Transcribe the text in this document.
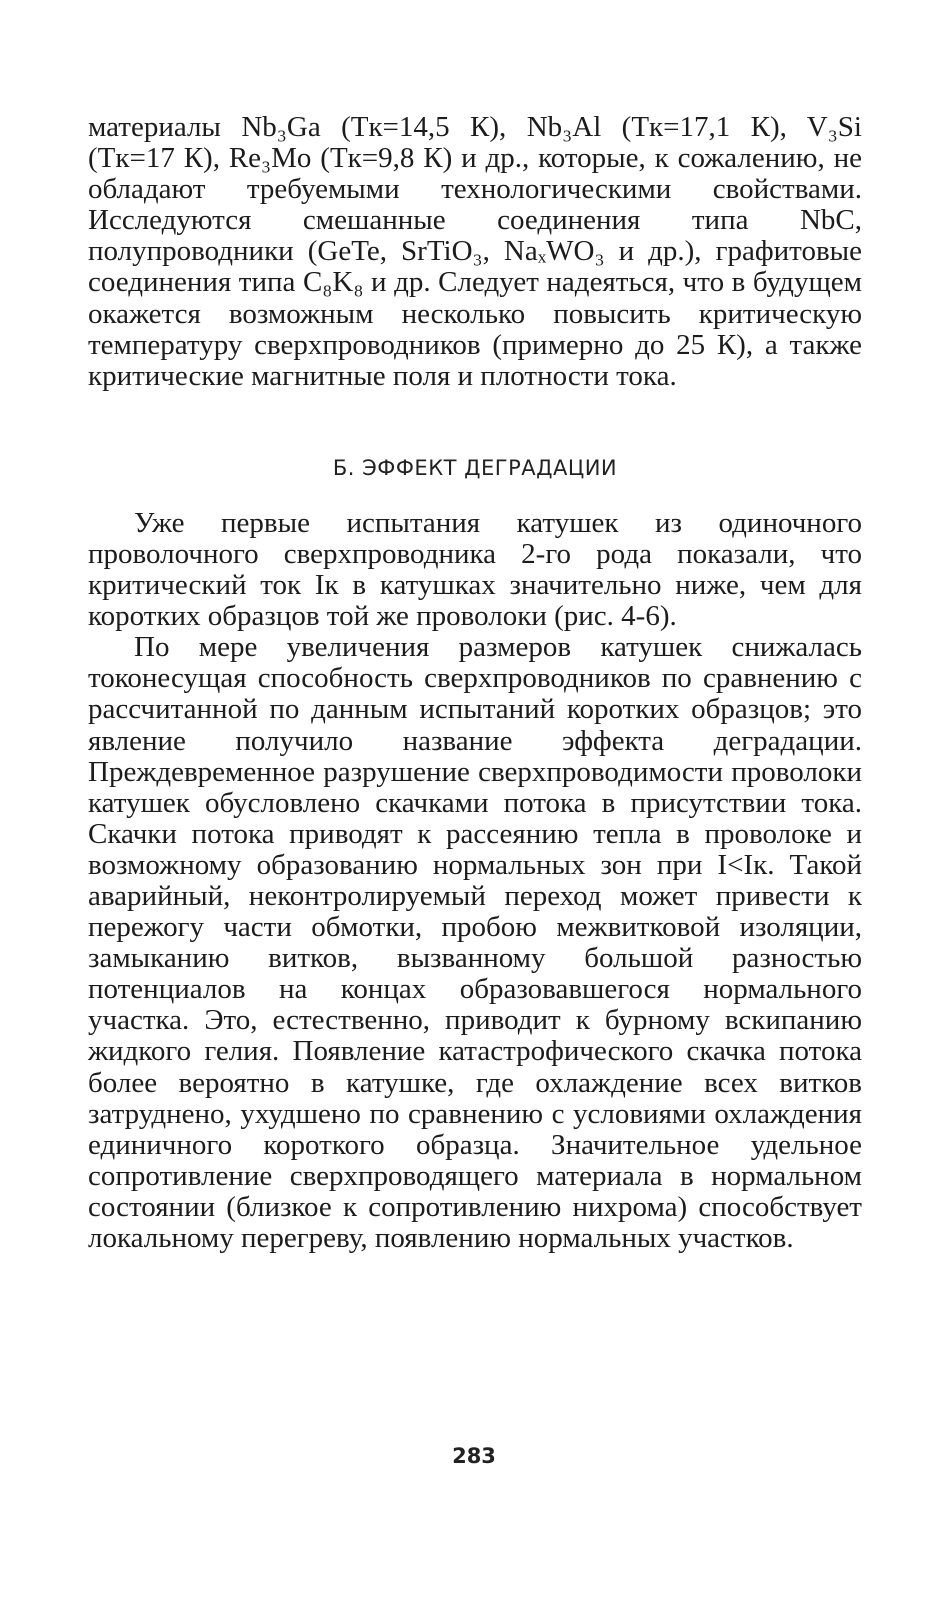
материалы Nb₃Ga (Tк=14,5 К), Nb₃Al (Tк=17,1 К), V₃Si (Tк=17 К), Re₃Mo (Tк=9,8 К) и др., которые, к сожалению, не обладают требуемыми технологическими свойствами. Исследуются смешанные соединения типа NbC, полупроводники (GeTe, SrTiO₃, NaₓWO₃ и др.), графитовые соединения типа C₈K₈ и др. Следует надеяться, что в будущем окажется возможным несколько повысить критическую температуру сверхпроводников (примерно до 25 К), а также критические магнитные поля и плотности тока.

Б. ЭФФЕКТ ДЕГРАДАЦИИ

Уже первые испытания катушек из одиночного проволочного сверхпроводника 2-го рода показали, что критический ток Iк в катушках значительно ниже, чем для коротких образцов той же проволоки (рис. 4-6).

По мере увеличения размеров катушек снижалась токонесущая способность сверхпроводников по сравнению с рассчитанной по данным испытаний коротких образцов; это явление получило название эффекта деградации. Преждевременное разрушение сверхпроводимости проволоки катушек обусловлено скачками потока в присутствии тока. Скачки потока приводят к рассеянию тепла в проволоке и возможному образованию нормальных зон при I<Iк. Такой аварийный, неконтролируемый переход может привести к пережогу части обмотки, пробою межвитковой изоляции, замыканию витков, вызванному большой разностью потенциалов на концах образовавшегося нормального участка. Это, естественно, приводит к бурному вскипанию жидкого гелия. Появление катастрофического скачка потока более вероятно в катушке, где охлаждение всех витков затруднено, ухудшено по сравнению с условиями охлаждения единичного короткого образца. Значительное удельное сопротивление сверхпроводящего материала в нормальном состоянии (близкое к сопротивлению нихрома) способствует локальному перегреву, появлению нормальных участков.

283
